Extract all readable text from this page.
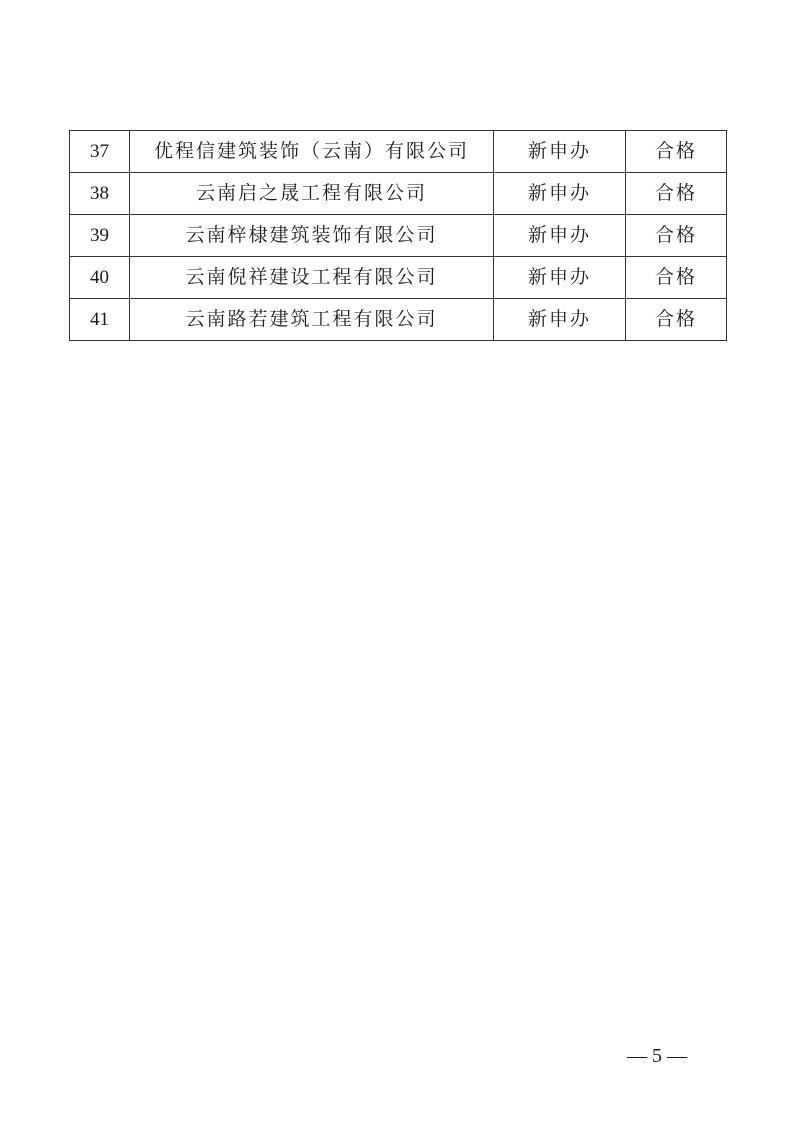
37	优程信建筑装饰（云南）有限公司	新申办	合格
38	云南启之晟工程有限公司	新申办	合格
39	云南梓棣建筑装饰有限公司	新申办	合格
40	云南倪祥建设工程有限公司	新申办	合格
41	云南路若建筑工程有限公司	新申办	合格
— 5 —
